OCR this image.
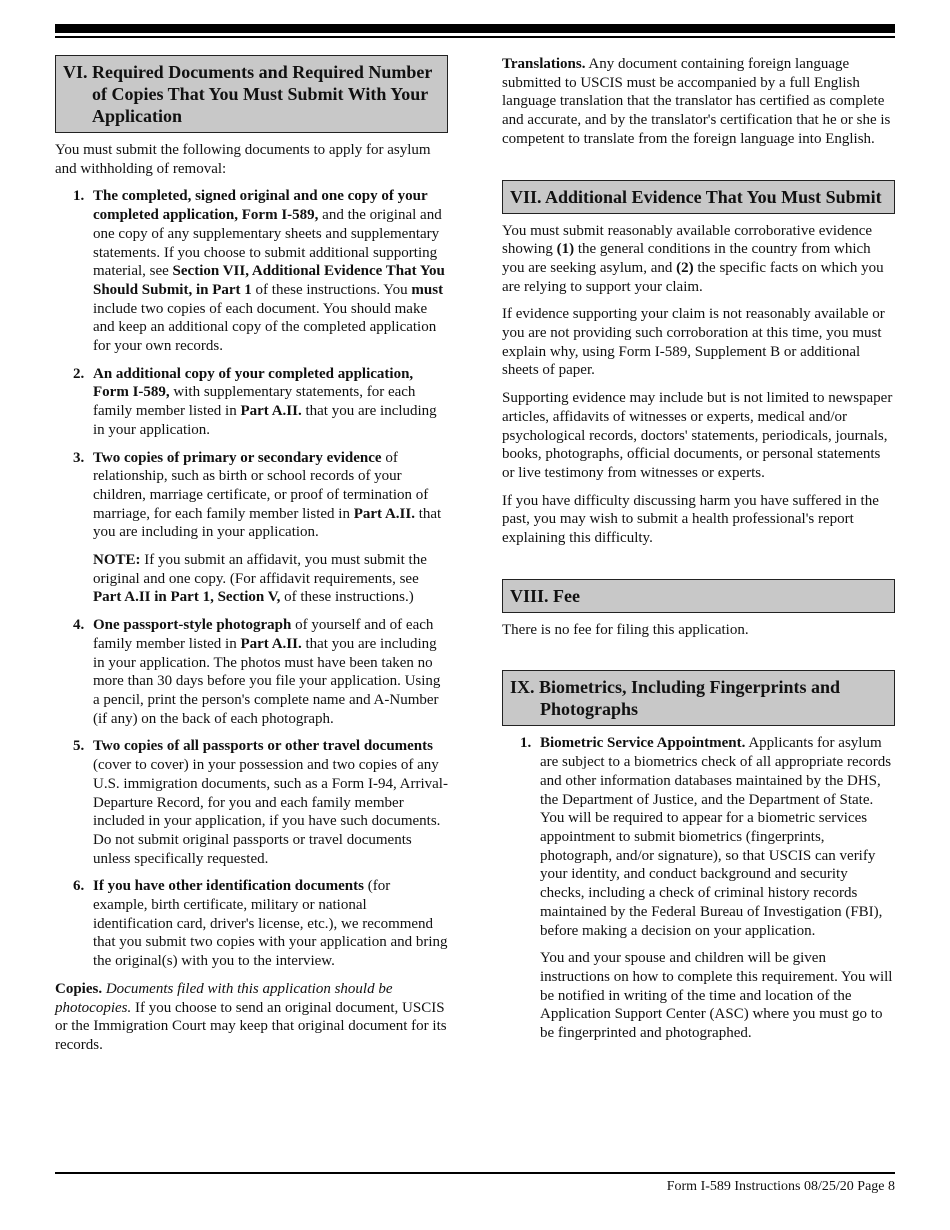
VI. Required Documents and Required Number of Copies That You Must Submit With Your Application

You must submit the following documents to apply for asylum and withholding of removal:

1. The completed, signed original and one copy of your completed application, Form I-589, and the original and one copy of any supplementary sheets and supplementary statements. If you choose to submit additional supporting material, see Section VII, Additional Evidence That You Should Submit, in Part 1 of these instructions. You must include two copies of each document. You should make and keep an additional copy of the completed application for your own records.
2. An additional copy of your completed application, Form I-589, with supplementary statements, for each family member listed in Part A.II. that you are including in your application.
3. Two copies of primary or secondary evidence of relationship, such as birth or school records of your children, marriage certificate, or proof of termination of marriage, for each family member listed in Part A.II. that you are including in your application.

NOTE: If you submit an affidavit, you must submit the original and one copy. (For affidavit requirements, see Part A.II in Part 1, Section V, of these instructions.)

4. One passport-style photograph of yourself and of each family member listed in Part A.II. that you are including in your application. The photos must have been taken no more than 30 days before you file your application. Using a pencil, print the person's complete name and A-Number (if any) on the back of each photograph.
5. Two copies of all passports or other travel documents (cover to cover) in your possession and two copies of any U.S. immigration documents, such as a Form I-94, Arrival-Departure Record, for you and each family member included in your application, if you have such documents. Do not submit original passports or travel documents unless specifically requested.
6. If you have other identification documents (for example, birth certificate, military or national identification card, driver's license, etc.), we recommend that you submit two copies with your application and bring the original(s) with you to the interview.

Copies. Documents filed with this application should be photocopies. If you choose to send an original document, USCIS or the Immigration Court may keep that original document for its records.

Translations. Any document containing foreign language submitted to USCIS must be accompanied by a full English language translation that the translator has certified as complete and accurate, and by the translator's certification that he or she is competent to translate from the foreign language into English.

VII. Additional Evidence That You Must Submit

You must submit reasonably available corroborative evidence showing (1) the general conditions in the country from which you are seeking asylum, and (2) the specific facts on which you are relying to support your claim.

If evidence supporting your claim is not reasonably available or you are not providing such corroboration at this time, you must explain why, using Form I-589, Supplement B or additional sheets of paper.

Supporting evidence may include but is not limited to newspaper articles, affidavits of witnesses or experts, medical and/or psychological records, doctors' statements, periodicals, journals, books, photographs, official documents, or personal statements or live testimony from witnesses or experts.

If you have difficulty discussing harm you have suffered in the past, you may wish to submit a health professional's report explaining this difficulty.

VIII. Fee

There is no fee for filing this application.

IX. Biometrics, Including Fingerprints and Photographs
1. Biometric Service Appointment. Applicants for asylum are subject to a biometrics check of all appropriate records and other information databases maintained by the DHS, the Department of Justice, and the Department of State. You will be required to appear for a biometric services appointment to submit biometrics (fingerprints, photograph, and/or signature), so that USCIS can verify your identity, and conduct background and security checks, including a check of criminal history records maintained by the Federal Bureau of Investigation (FBI), before making a decision on your application.

You and your spouse and children will be given instructions on how to complete this requirement. You will be notified in writing of the time and location of the Application Support Center (ASC) where you must go to be fingerprinted and photographed.

Form I-589 Instructions 08/25/20 Page 8
